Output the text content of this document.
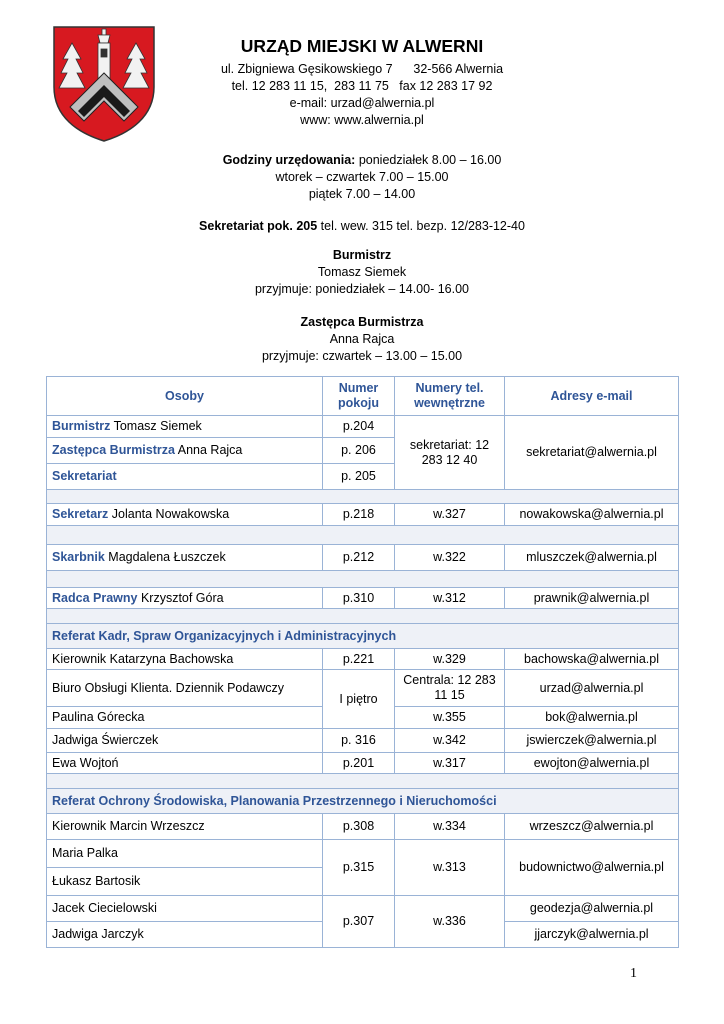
URZĄD MIEJSKI W ALWERNI
ul. Zbigniewa Gęsikowskiego 7      32-566 Alwernia
tel. 12 283 11 15,  283 11 75   fax 12 283 17 92
e-mail: urzad@alwernia.pl
www: www.alwernia.pl
Godziny urzędowania: poniedziałek 8.00 – 16.00
wtorek – czwartek 7.00 – 15.00
piątek 7.00 – 14.00
Sekretariat pok. 205 tel. wew. 315 tel. bezp. 12/283-12-40
Burmistrz
Tomasz Siemek
przyjmuje: poniedziałek – 14.00- 16.00
Zastępca Burmistrza
Anna Rajca
przyjmuje: czwartek – 13.00 – 15.00
Osoby	Numer pokoju	Numery tel. wewnętrzne	Adresy e-mail
Burmistrz Tomasz Siemek	p.204	sekretariat: 12 283 12 40	sekretariat@alwernia.pl
Zastępca Burmistrza Anna Rajca	p. 206		
Sekretariat	p. 205		

Sekretarz Jolanta Nowakowska	p.218	w.327	nowakowska@alwernia.pl

Skarbnik Magdalena Łuszczek	p.212	w.322	mluszczek@alwernia.pl

Radca Prawny Krzysztof Góra	p.310	w.312	prawnik@alwernia.pl

Referat Kadr, Spraw Organizacyjnych i Administracyjnych			
Kierownik Katarzyna Bachowska	p.221	w.329	bachowska@alwernia.pl
Biuro Obsługi Klienta. Dziennik Podawczy	I piętro	Centrala: 12 283 11 15	urzad@alwernia.pl
Paulina Górecka		w.355	bok@alwernia.pl
Jadwiga Świerczek	p. 316	w.342	jswierczek@alwernia.pl
Ewa Wojtoń	p.201	w.317	ewojton@alwernia.pl

Referat Ochrony Środowiska, Planowania Przestrzennego i Nieruchomości			
Kierownik Marcin Wrzeszcz	p.308	w.334	wrzeszcz@alwernia.pl
Maria Palka	p.315	w.313	budownictwo@alwernia.pl
Łukasz Bartosik			
Jacek Ciecielowski	p.307	w.336	geodezja@alwernia.pl
Jadwiga Jarczyk			jjarczyk@alwernia.pl
1
